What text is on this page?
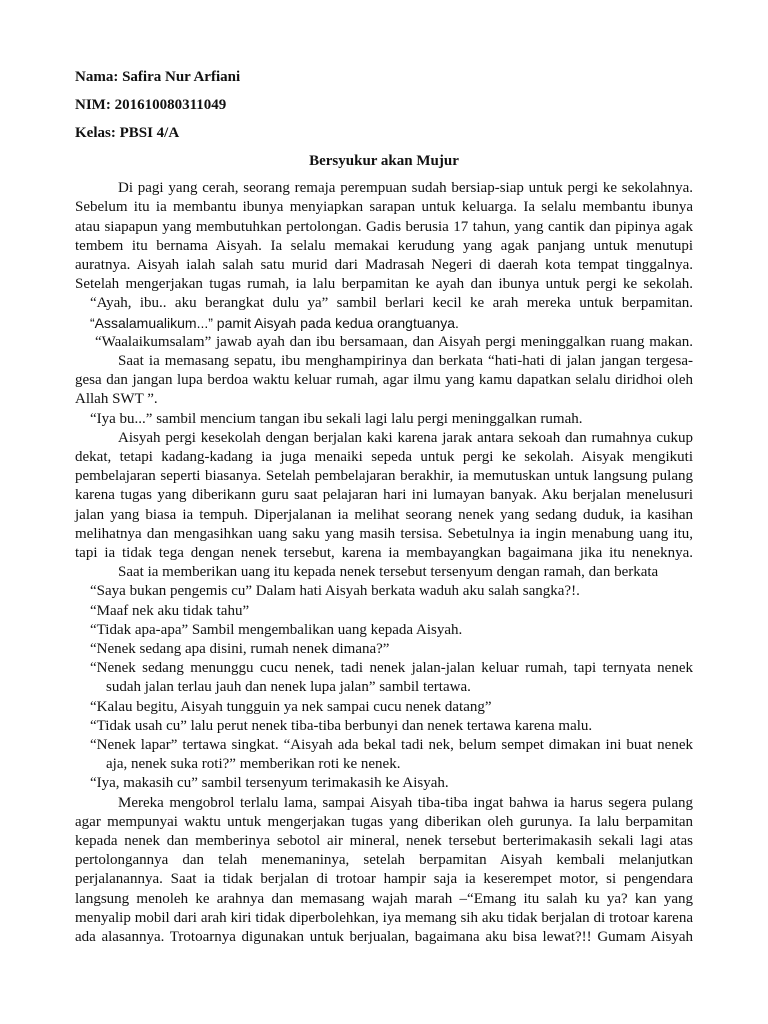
Nama: Safira Nur Arfiani
NIM: 201610080311049
Kelas: PBSI 4/A
Bersyukur akan Mujur
Di pagi yang cerah, seorang remaja perempuan sudah bersiap-siap untuk pergi ke sekolahnya.
Sebelum itu ia membantu ibunya menyiapkan sarapan untuk keluarga. Ia selalu membantu ibunya
atau siapapun yang membutuhkan pertolongan. Gadis berusia 17 tahun, yang cantik dan pipinya agak
tembem itu bernama Aisyah. Ia selalu memakai kerudung yang agak panjang untuk menutupi
auratnya. Aisyah ialah salah satu murid dari Madrasah Negeri di daerah kota tempat tinggalnya.
Setelah mengerjakan tugas rumah, ia lalu berpamitan ke ayah dan ibunya untuk pergi ke sekolah.
“Ayah, ibu.. aku berangkat dulu ya” sambil berlari kecil ke arah mereka untuk berpamitan.
“Assalamualikum...” pamit Aisyah pada kedua orangtuanya.
“Waalaikumsalam” jawab ayah dan ibu bersamaan, dan Aisyah pergi meninggalkan ruang makan.
Saat ia memasang sepatu, ibu menghampirinya dan berkata “hati-hati di jalan jangan tergesa-
gesa dan jangan lupa berdoa waktu keluar rumah, agar ilmu yang kamu dapatkan selalu diridhoi oleh
Allah SWT ”.
“Iya bu...” sambil mencium tangan ibu sekali lagi lalu pergi meninggalkan rumah.
Aisyah pergi kesekolah dengan berjalan kaki karena jarak antara sekoah dan rumahnya cukup
dekat, tetapi kadang-kadang ia juga menaiki sepeda untuk pergi ke sekolah. Aisyak mengikuti
pembelajaran seperti biasanya. Setelah pembelajaran berakhir, ia memutuskan untuk langsung pulang
karena tugas yang diberikann guru saat pelajaran hari ini lumayan banyak. Aku berjalan menelusuri
jalan yang biasa ia tempuh. Diperjalanan ia melihat seorang nenek yang sedang duduk, ia kasihan
melihatnya dan mengasihkan uang saku yang masih tersisa. Sebetulnya ia ingin menabung uang itu,
tapi ia tidak tega dengan nenek tersebut, karena ia membayangkan bagaimana jika itu neneknya.
Saat ia memberikan uang itu kepada nenek tersebut tersenyum dengan ramah, dan berkata
“Saya bukan pengemis cu” Dalam hati Aisyah berkata waduh aku salah sangka?!.
“Maaf nek aku tidak tahu”
“Tidak apa-apa” Sambil mengembalikan uang kepada Aisyah.
“Nenek sedang apa disini, rumah nenek dimana?”
“Nenek sedang menunggu cucu nenek, tadi nenek jalan-jalan keluar rumah, tapi ternyata nenek
sudah jalan terlau jauh dan nenek lupa jalan” sambil tertawa.
“Kalau begitu, Aisyah tungguin ya nek sampai cucu nenek datang”
“Tidak usah cu” lalu perut nenek tiba-tiba berbunyi dan nenek tertawa karena malu.
“Nenek lapar” tertawa singkat. “Aisyah ada bekal tadi nek, belum sempet dimakan ini buat nenek
aja, nenek suka roti?” memberikan roti ke nenek.
“Iya, makasih cu” sambil tersenyum terimakasih ke Aisyah.
Mereka mengobrol terlalu lama, sampai Aisyah tiba-tiba ingat bahwa ia harus segera pulang
agar mempunyai waktu untuk mengerjakan tugas yang diberikan oleh gurunya. Ia lalu berpamitan
kepada nenek dan memberinya sebotol air mineral, nenek tersebut berterimakasih sekali lagi atas
pertolongannya dan telah menemaninya, setelah berpamitan Aisyah kembali melanjutkan
perjalanannya. Saat ia tidak berjalan di trotoar hampir saja ia keserempet motor, si pengendara
langsung menoleh ke arahnya dan memasang wajah marah –“Emang itu salah ku ya? kan yang
menyalip mobil dari arah kiri tidak diperbolehkan, iya memang sih aku tidak berjalan di trotoar karena
ada alasannya. Trotoarnya digunakan untuk berjualan, bagaimana aku bisa lewat?!! Gumam Aisyah
